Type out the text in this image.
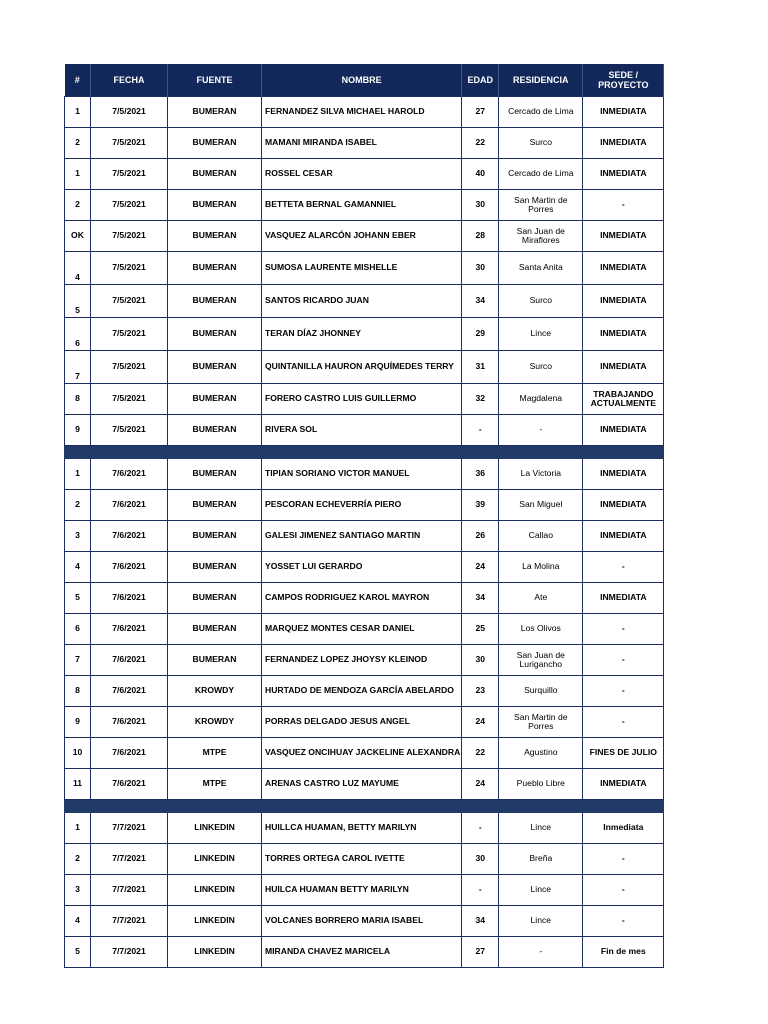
#	FECHA	FUENTE	NOMBRE	EDAD	RESIDENCIA	SEDE / PROYECTO
1	7/5/2021	BUMERAN	FERNANDEZ SILVA MICHAEL HAROLD	27	Cercado de Lima	INMEDIATA
2	7/5/2021	BUMERAN	MAMANI MIRANDA ISABEL	22	Surco	INMEDIATA
1	7/5/2021	BUMERAN	ROSSEL CESAR	40	Cercado de Lima	INMEDIATA
2	7/5/2021	BUMERAN	BETTETA BERNAL GAMANNIEL	30	San Martin de Porres	-
OK	7/5/2021	BUMERAN	VASQUEZ ALARCÓN JOHANN EBER	28	San Juan de Miraflores	INMEDIATA
4	7/5/2021	BUMERAN	SUMOSA LAURENTE MISHELLE	30	Santa Anita	INMEDIATA
5	7/5/2021	BUMERAN	SANTOS RICARDO JUAN	34	Surco	INMEDIATA
6	7/5/2021	BUMERAN	TERAN DÍAZ JHONNEY	29	Lince	INMEDIATA
7	7/5/2021	BUMERAN	QUINTANILLA HAURON ARQUÍMEDES TERRY	31	Surco	INMEDIATA
8	7/5/2021	BUMERAN	FORERO CASTRO LUIS GUILLERMO	32	Magdalena	TRABAJANDO ACTUALMENTE
9	7/5/2021	BUMERAN	RIVERA SOL	-	-	INMEDIATA

1	7/6/2021	BUMERAN	TIPIAN SORIANO VICTOR MANUEL	36	La Victoria	INMEDIATA
2	7/6/2021	BUMERAN	PESCORAN ECHEVERRÍA PIERO	39	San Miguel	INMEDIATA
3	7/6/2021	BUMERAN	GALESI JIMENEZ SANTIAGO MARTIN	26	Callao	INMEDIATA
4	7/6/2021	BUMERAN	YOSSET LUI GERARDO	24	La Molina	-
5	7/6/2021	BUMERAN	CAMPOS RODRIGUEZ KAROL MAYRON	34	Ate	INMEDIATA
6	7/6/2021	BUMERAN	MARQUEZ MONTES CESAR DANIEL	25	Los Olivos	-
7	7/6/2021	BUMERAN	FERNANDEZ LOPEZ JHOYSY KLEINOD	30	San Juan de Lurigancho	-
8	7/6/2021	KROWDY	HURTADO DE MENDOZA GARCÍA ABELARDO	23	Surquillo	-
9	7/6/2021	KROWDY	PORRAS DELGADO JESUS ANGEL	24	San Martin de Porres	-
10	7/6/2021	MTPE	VASQUEZ ONCIHUAY JACKELINE ALEXANDRA	22	Agustino	FINES DE JULIO
11	7/6/2021	MTPE	ARENAS CASTRO LUZ MAYUME	24	Pueblo Libre	INMEDIATA

1	7/7/2021	LINKEDIN	HUILLCA HUAMAN, BETTY MARILYN	-	Lince	Inmediata
2	7/7/2021	LINKEDIN	TORRES ORTEGA CAROL IVETTE	30	Breña	-
3	7/7/2021	LINKEDIN	HUILCA HUAMAN BETTY MARILYN	-	Lince	-
4	7/7/2021	LINKEDIN	VOLCANES BORRERO MARIA ISABEL	34	Lince	-
5	7/7/2021	LINKEDIN	MIRANDA CHAVEZ MARICELA	27	-	Fin de mes
